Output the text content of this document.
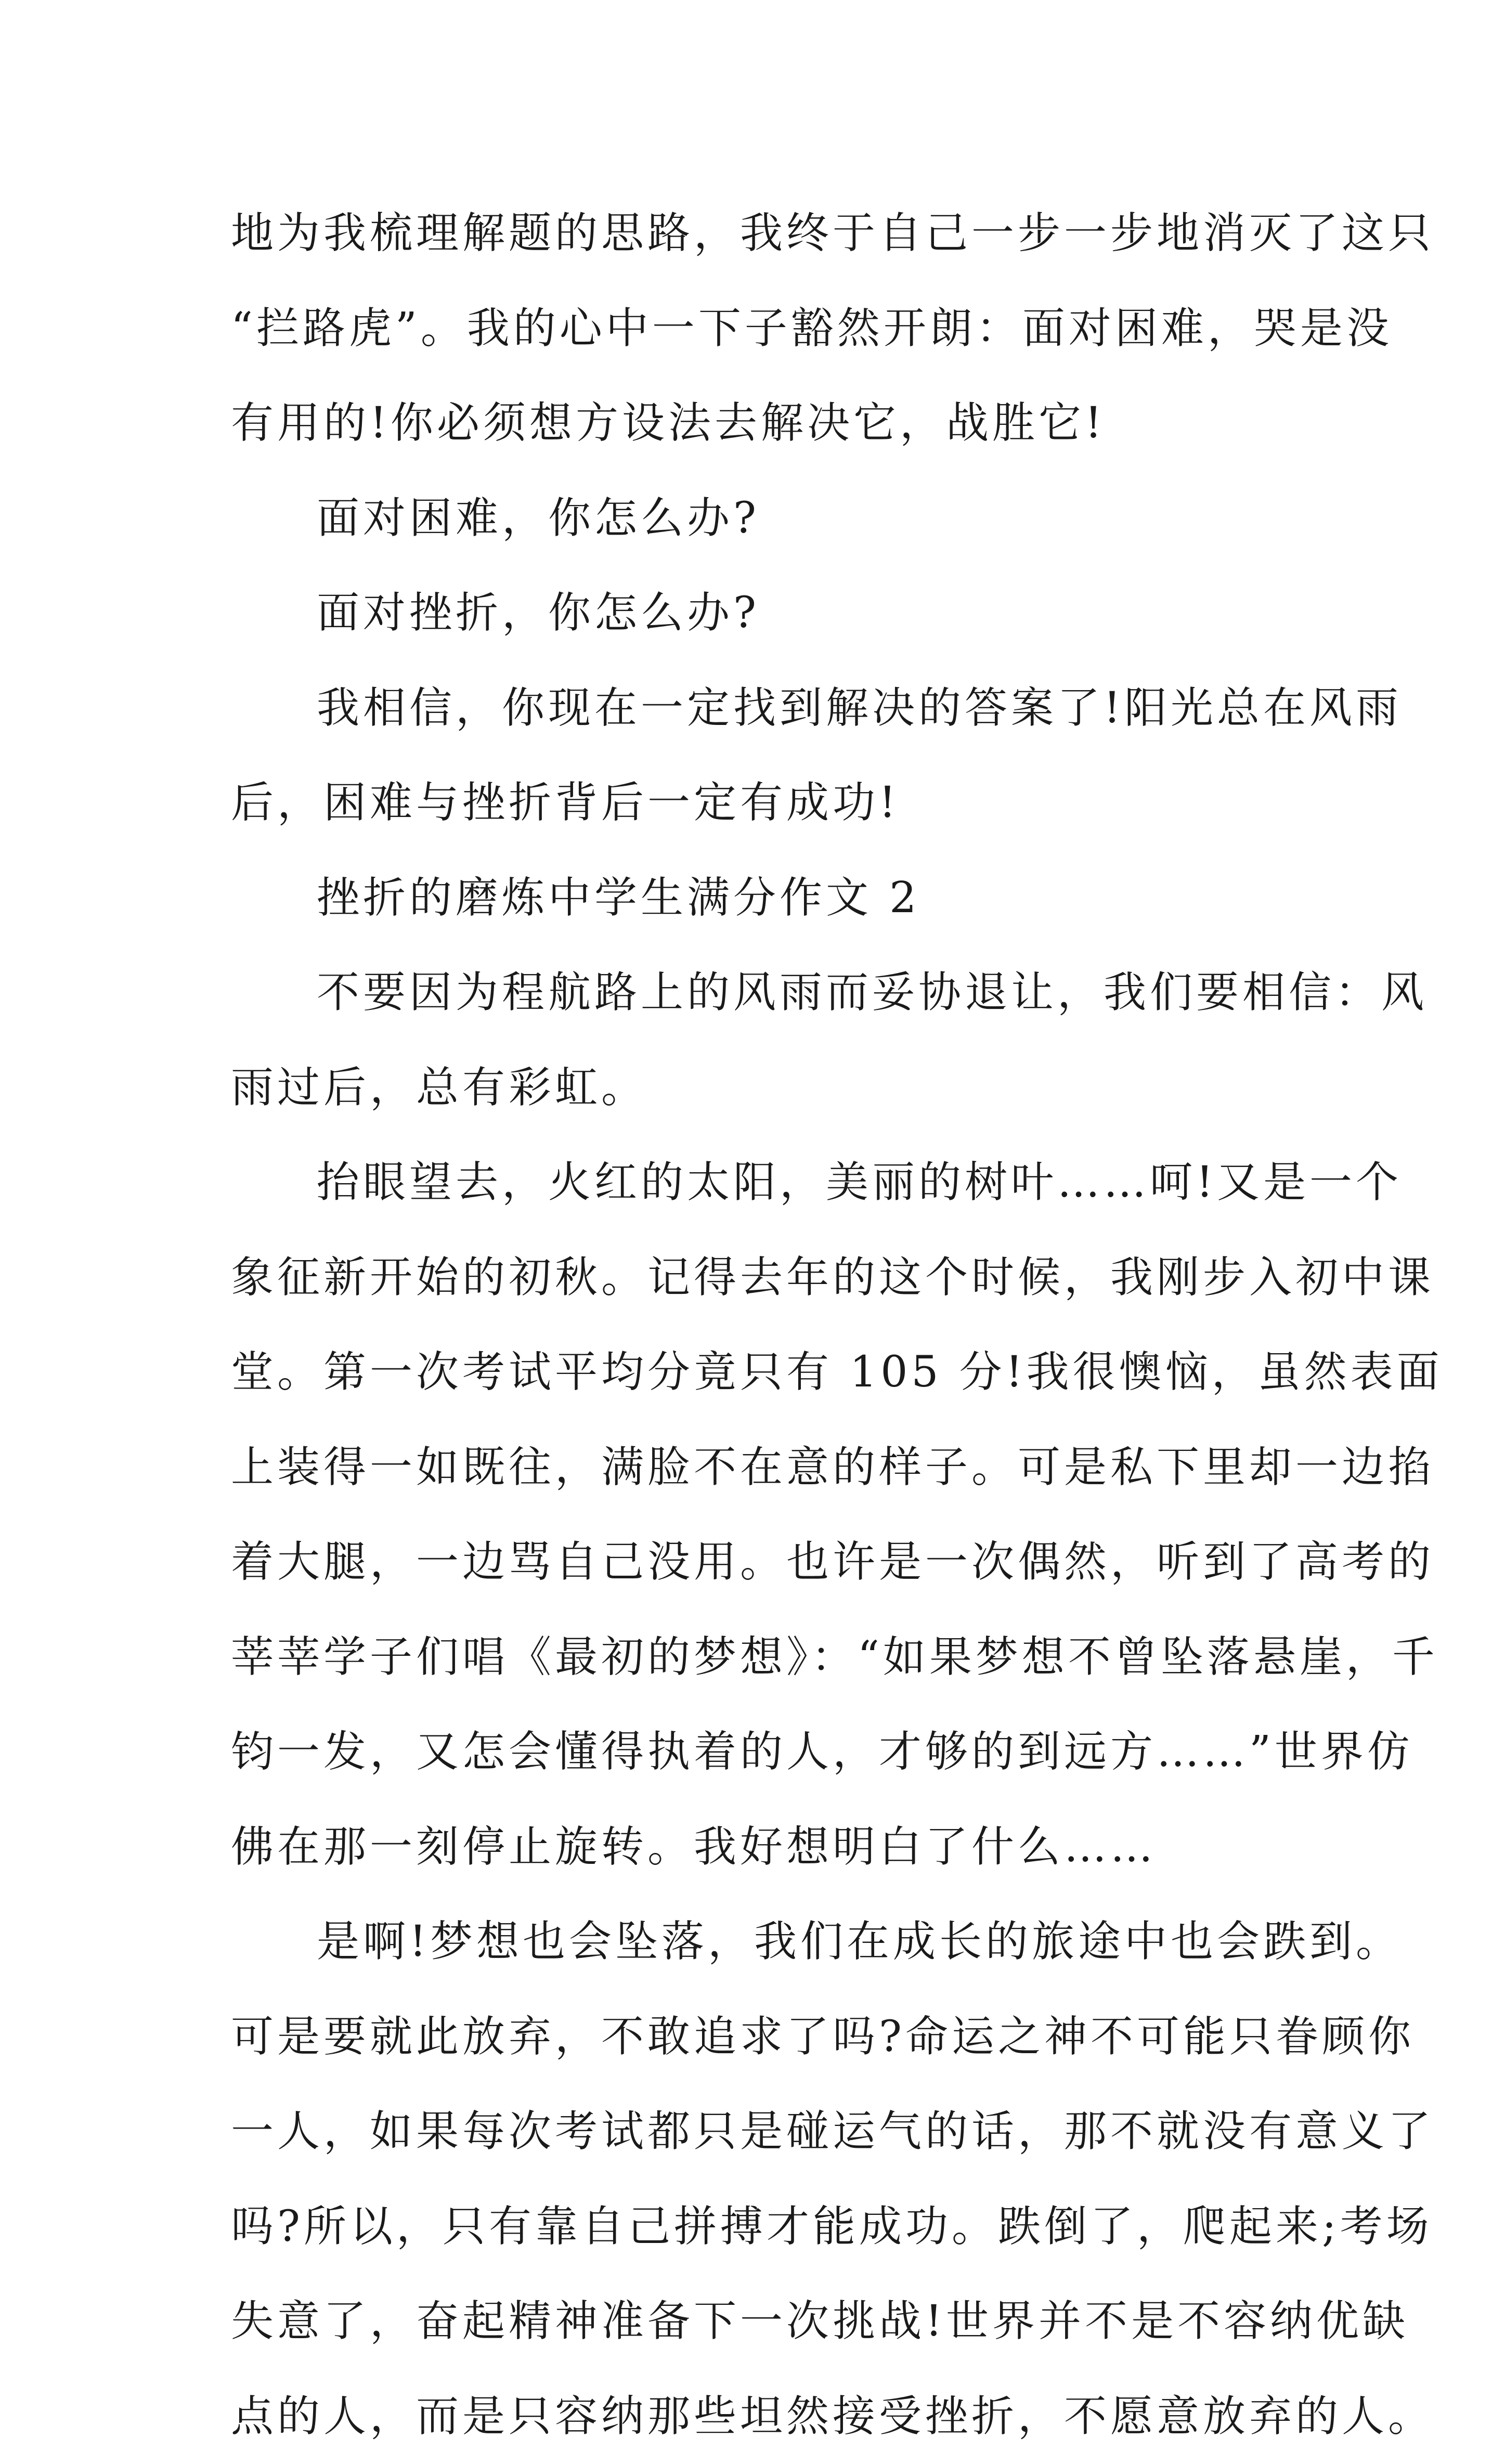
地为我梳理解题的思路，我终于自己一步一步地消灭了这只
“拦路虎”。我的心中一下子豁然开朗：面对困难，哭是没
有用的!你必须想方设法去解决它，战胜它!
面对困难，你怎么办?
面对挫折，你怎么办?
我相信，你现在一定找到解决的答案了!阳光总在风雨
后，困难与挫折背后一定有成功!
挫折的磨炼中学生满分作文 2
不要因为程航路上的风雨而妥协退让，我们要相信：风
雨过后，总有彩虹。
抬眼望去，火红的太阳，美丽的树叶……呵!又是一个
象征新开始的初秋。记得去年的这个时候，我刚步入初中课
堂。第一次考试平均分竟只有 105 分!我很懊恼，虽然表面
上装得一如既往，满脸不在意的样子。可是私下里却一边掐
着大腿，一边骂自己没用。也许是一次偶然，听到了高考的
莘莘学子们唱《最初的梦想》：“如果梦想不曾坠落悬崖，千
钧一发，又怎会懂得执着的人，才够的到远方……”世界仿
佛在那一刻停止旋转。我好想明白了什么……
是啊!梦想也会坠落，我们在成长的旅途中也会跌到。
可是要就此放弃，不敢追求了吗?命运之神不可能只眷顾你
一人，如果每次考试都只是碰运气的话，那不就没有意义了
吗?所以，只有靠自己拼搏才能成功。跌倒了，爬起来;考场
失意了，奋起精神准备下一次挑战!世界并不是不容纳优缺
点的人，而是只容纳那些坦然接受挫折，不愿意放弃的人。
